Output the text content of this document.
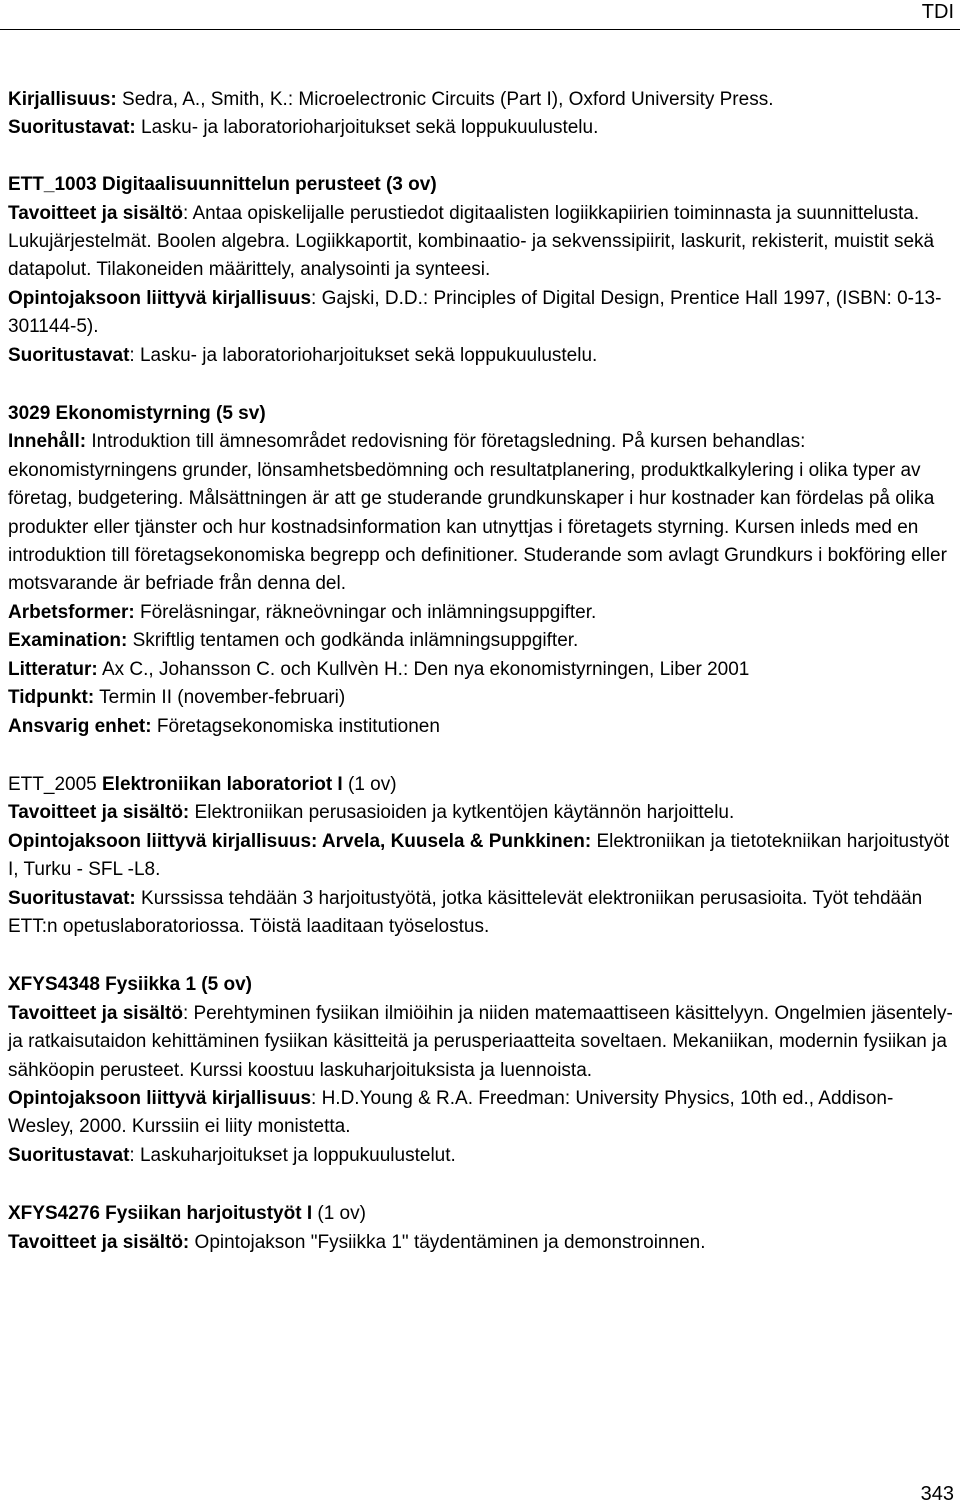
TDI

Kirjallisuus: Sedra, A., Smith, K.: Microelectronic Circuits (Part I), Oxford University Press.

Suoritustavat: Lasku- ja laboratorioharjoitukset sekä loppukuulustelu.

ETT_1003 Digitaalisuunnittelun perusteet (3 ov)

Tavoitteet ja sisältö: Antaa opiskelijalle perustiedot digitaalisten logiikkapiirien toiminnasta ja suunnittelusta. Lukujärjestelmät. Boolen algebra. Logiikkaportit, kombinaatio- ja sekvenssipiirit, laskurit, rekisterit, muistit sekä datapolut. Tilakoneiden määrittely, analysointi ja synteesi.

Opintojaksoon liittyvä kirjallisuus: Gajski, D.D.: Principles of Digital Design, Prentice Hall 1997, (ISBN: 0-13-301144-5).

Suoritustavat: Lasku- ja laboratorioharjoitukset sekä loppukuulustelu.

3029 Ekonomistyrning (5 sv)

Innehåll: Introduktion till ämnesområdet redovisning för företagsledning. På kursen behandlas: ekonomistyrningens grunder, lönsamhetsbedömning och resultatplanering, produktkalkylering i olika typer av företag, budgetering. Målsättningen är att ge studerande grundkunskaper i hur kostnader kan fördelas på olika produkter eller tjänster och hur kostnadsinformation kan utnyttjas i företagets styrning. Kursen inleds med en introduktion till företagsekonomiska begrepp och definitioner. Studerande som avlagt Grundkurs i bokföring eller motsvarande är befriade från denna del.

Arbetsformer: Föreläsningar, räkneövningar och inlämningsuppgifter.

Examination: Skriftlig tentamen och godkända inlämningsuppgifter.

Litteratur: Ax C., Johansson C. och Kullvèn H.: Den nya ekonomistyrningen, Liber 2001

Tidpunkt: Termin II (november-februari)

Ansvarig enhet: Företagsekonomiska institutionen

ETT_2005 Elektroniikan laboratoriot I (1 ov)

Tavoitteet ja sisältö: Elektroniikan perusasioiden ja kytkentöjen käytännön harjoittelu.

Opintojaksoon liittyvä kirjallisuus: Arvela, Kuusela & Punkkinen: Elektroniikan ja tietotekniikan harjoitustyöt I, Turku - SFL -L8.

Suoritustavat: Kurssissa tehdään 3 harjoitustyötä, jotka käsittelevät elektroniikan perusasioita. Työt tehdään ETT:n opetuslaboratoriossa. Töistä laaditaan työselostus.

XFYS4348 Fysiikka 1 (5 ov)

Tavoitteet ja sisältö: Perehtyminen fysiikan ilmiöihin ja niiden matemaattiseen käsittelyyn. Ongelmien jäsentely- ja ratkaisutaidon kehittäminen fysiikan käsitteitä ja perusperiaatteita soveltaen. Mekaniikan, modernin fysiikan ja sähköopin perusteet. Kurssi koostuu laskuharjoituksista ja luennoista.

Opintojaksoon liittyvä kirjallisuus: H.D.Young & R.A. Freedman: University Physics, 10th ed., Addison-Wesley, 2000. Kurssiin ei liity monistetta.

Suoritustavat: Laskuharjoitukset ja loppukuulustelut.

XFYS4276 Fysiikan harjoitustyöt I (1 ov)

Tavoitteet ja sisältö: Opintojakson "Fysiikka 1" täydentäminen ja demonstroinnen.

343
